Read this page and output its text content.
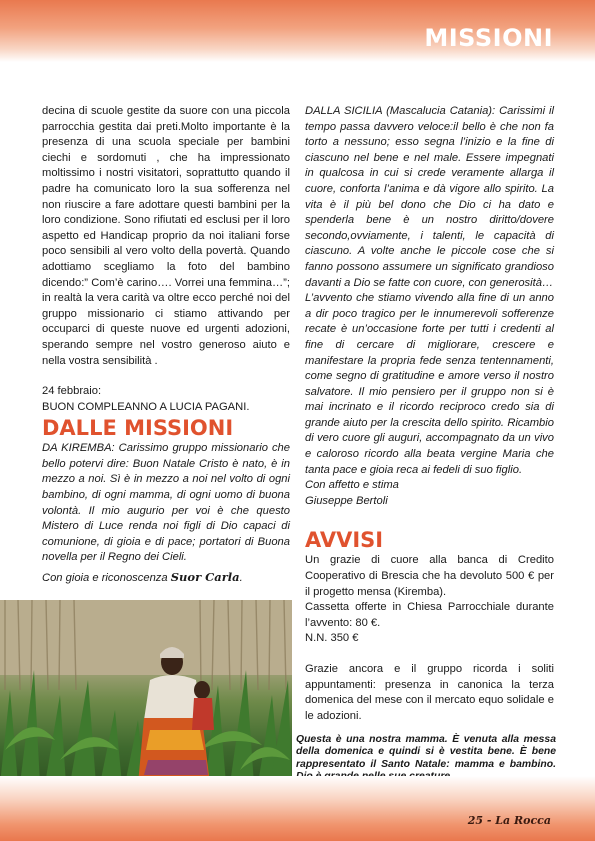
MISSIONI

decina di scuole gestite da suore con una piccola parrocchia gestita dai preti.Molto importante è la presenza di una scuola speciale per bambini ciechi e sordomuti , che ha impressionato moltissimo i nostri visitatori, soprattutto quando il padre ha comunicato loro la sua sofferenza nel non riuscire a fare adottare questi bambini per la loro condizione. Sono rifiutati ed esclusi per il loro aspetto ed Handicap proprio da noi italiani forse poco sensibili al vero volto della povertà. Quando adottiamo scegliamo la foto del bambino dicendo:” Com’è carino…. Vorrei una femmina…”; in realtà la vera carità va oltre ecco perché noi del gruppo missionario ci stiamo attivando per occuparci di queste nuove ed urgenti adozioni, sperando sempre nel vostro generoso aiuto e nella vostra sensibilità .

24 febbraio:

BUON COMPLEANNO A LUCIA PAGANI.

DALLE MISSIONI

DA KIREMBA: Carissimo gruppo missionario che bello potervi dire: Buon Natale Cristo è nato, è in mezzo a noi. Sì è in mezzo a noi nel volto di ogni bambino, di ogni mamma, di ogni uomo di buona volontà. Il mio augurio per voi è che questo Mistero di Luce renda noi figli di Dio capaci di comunione, di gioia e di pace; portatori di Buona novella per il Regno dei Cieli.

Con gioia e riconoscenza Suor Carla.

DALLA SICILIA (Mascalucia Catania): Carissimi il tempo passa davvero veloce:il bello è che non fa torto a nessuno; esso segna l’inizio e la fine di ciascuno nel bene e nel male. Essere impegnati in qualcosa in cui si crede veramente allarga il cuore, conforta l’anima e dà vigore allo spirito. La vita è il più bel dono che Dio ci ha dato e spenderla bene è un nostro diritto/dovere secondo,ovviamente, i talenti, le capacità di ciascuno. A volte anche le piccole cose che si fanno possono assumere un significato grandioso davanti a Dio se fatte con cuore, con generosità…

L’avvento che stiamo vivendo alla fine di un anno a dir poco tragico per le innumerevoli sofferenze recate è un’occasione forte per tutti i credenti al fine di cercare di migliorare, crescere e manifestare la propria fede senza tentennamenti, come segno di gratitudine e amore verso il nostro salvatore. Il mio pensiero per il gruppo non si è mai incrinato e il ricordo reciproco credo sia di grande aiuto per la crescita dello spirito. Ricambio di vero cuore gli auguri, accompagnato da un vivo e caloroso ricordo alla beata vergine Maria che tanta pace e gioia reca ai fedeli di suo figlio.

Con affetto e stima

Giuseppe Bertoli

AVVISI

Un grazie di cuore alla banca di Credito Cooperativo di Brescia che ha devoluto 500 € per il progetto mensa (Kiremba).

Cassetta offerte in Chiesa Parrocchiale durante l’avvento: 80 €.

N.N. 350 €

Grazie ancora e il gruppo ricorda i soliti appuntamenti: presenza in canonica la terza domenica del mese con il mercato equo solidale e le adozioni.

Questa è una nostra mamma. È venuta alla messa della domenica e quindi si è vestita bene. È bene rappresentato il Santo Natale: mamma e bambino.
25 - La Rocca
